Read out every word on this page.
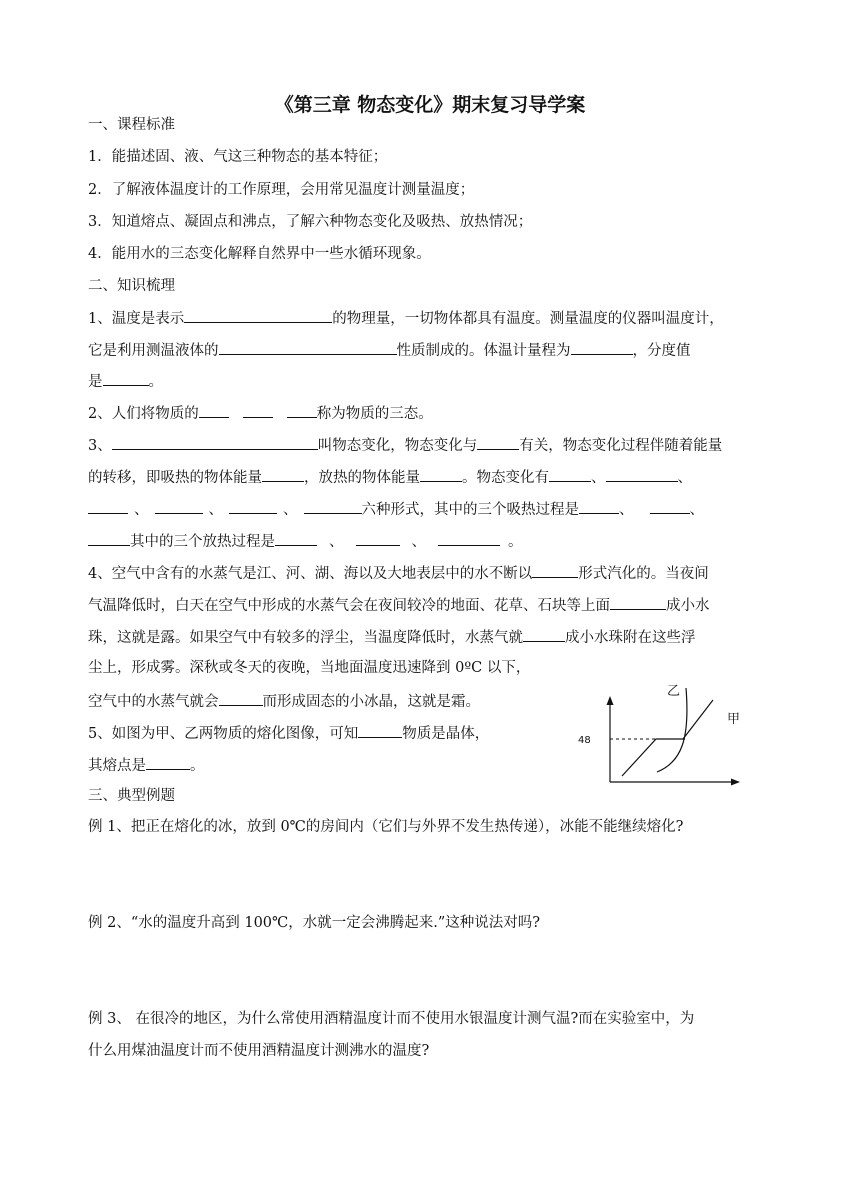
《第三章 物态变化》期末复习导学案
一、课程标准
1．能描述固、液、气这三种物态的基本特征；
2．了解液体温度计的工作原理，会用常见温度计测量温度；
3．知道熔点、凝固点和沸点，了解六种物态变化及吸热、放热情况；
4．能用水的三态变化解释自然界中一些水循环现象。
二、知识梳理
1、温度是表示	的物理量，一切物体都具有温度。测量温度的仪器叫温度计，
它是利用测温液体的	性质制成的。体温计量程为	，分度值
是	。
2、人们将物质的	称为物质的三态。
3、	叫物态变化，物态变化与	有关，物态变化过程伴随着能量
的转移，即吸热的物体能量	，放热的物体能量	。物态变化有	、	、
、	、	、	六种形式，其中的三个吸热过程是	、	、
其中的三个放热过程是	、	、	。
4、空气中含有的水蒸气是江、河、湖、海以及大地表层中的水不断以	形式汽化的。当夜间
气温降低时，白天在空气中形成的水蒸气会在夜间较冷的地面、花草、石块等上面	成小水
珠，这就是露。如果空气中有较多的浮尘，当温度降低时，水蒸气就	成小水珠附在这些浮
尘上，形成雾。深秋或冬天的夜晚，当地面温度迅速降到 0ºC 以下，
空气中的水蒸气就会	而形成固态的小冰晶，这就是霜。
5、如图为甲、乙两物质的熔化图像，可知	物质是晶体，
其熔点是	。
48
乙
甲
三、典型例题
例 1、把正在熔化的冰，放到 0℃的房间内（它们与外界不发生热传递），冰能不能继续熔化?
例 2、“水的温度升高到 100℃，水就一定会沸腾起来.”这种说法对吗?
例 3、 在很冷的地区，为什么常使用酒精温度计而不使用水银温度计测气温?而在实验室中，为
什么用煤油温度计而不使用酒精温度计测沸水的温度?
